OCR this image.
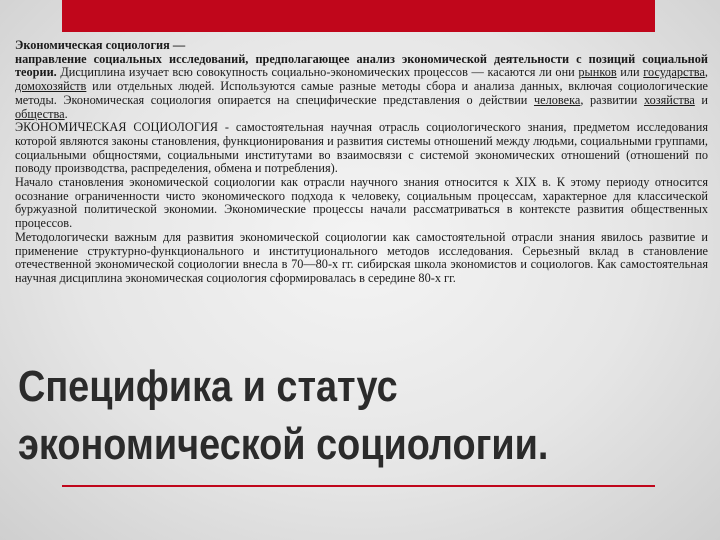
Экономическая социология —
направление социальных исследований, предполагающее анализ экономической деятельности с позиций социальной теории. Дисциплина изучает всю совокупность социально-экономических процессов — касаются ли они рынков или государства, домохозяйств или отдельных людей. Используются самые разные методы сбора и анализа данных, включая социологические методы. Экономическая социология опирается на специфические представления о действии человека, развитии хозяйства и общества.

ЭКОНОМИЧЕСКАЯ СОЦИОЛОГИЯ - самостоятельная научная отрасль социологического знания, предметом исследования которой являются законы становления, функционирования и развития системы отношений между людьми, социальными группами, социальными общностями, социальными институтами во взаимосвязи с системой экономических отношений (отношений по поводу производства, распределения, обмена и потребления).

Начало становления экономической социологии как отрасли научного знания относится к XIX в. К этому периоду относится осознание ограниченности чисто экономического подхода к человеку, социальным процессам, характерное для классической буржуазной политической экономии. Экономические процессы начали рассматриваться в контексте развития общественных процессов.

Методологически важным для развития экономической социологии как самостоятельной отрасли знания явилось развитие и применение структурно-функционального и институционального методов исследования. Серьезный вклад в становление отечественной экономической социологии внесла в 70—80-х гг. сибирская школа экономистов и социологов. Как самостоятельная научная дисциплина экономическая социология сформировалась в середине 80-х гг.

Специфика и статус
экономической социологии.
